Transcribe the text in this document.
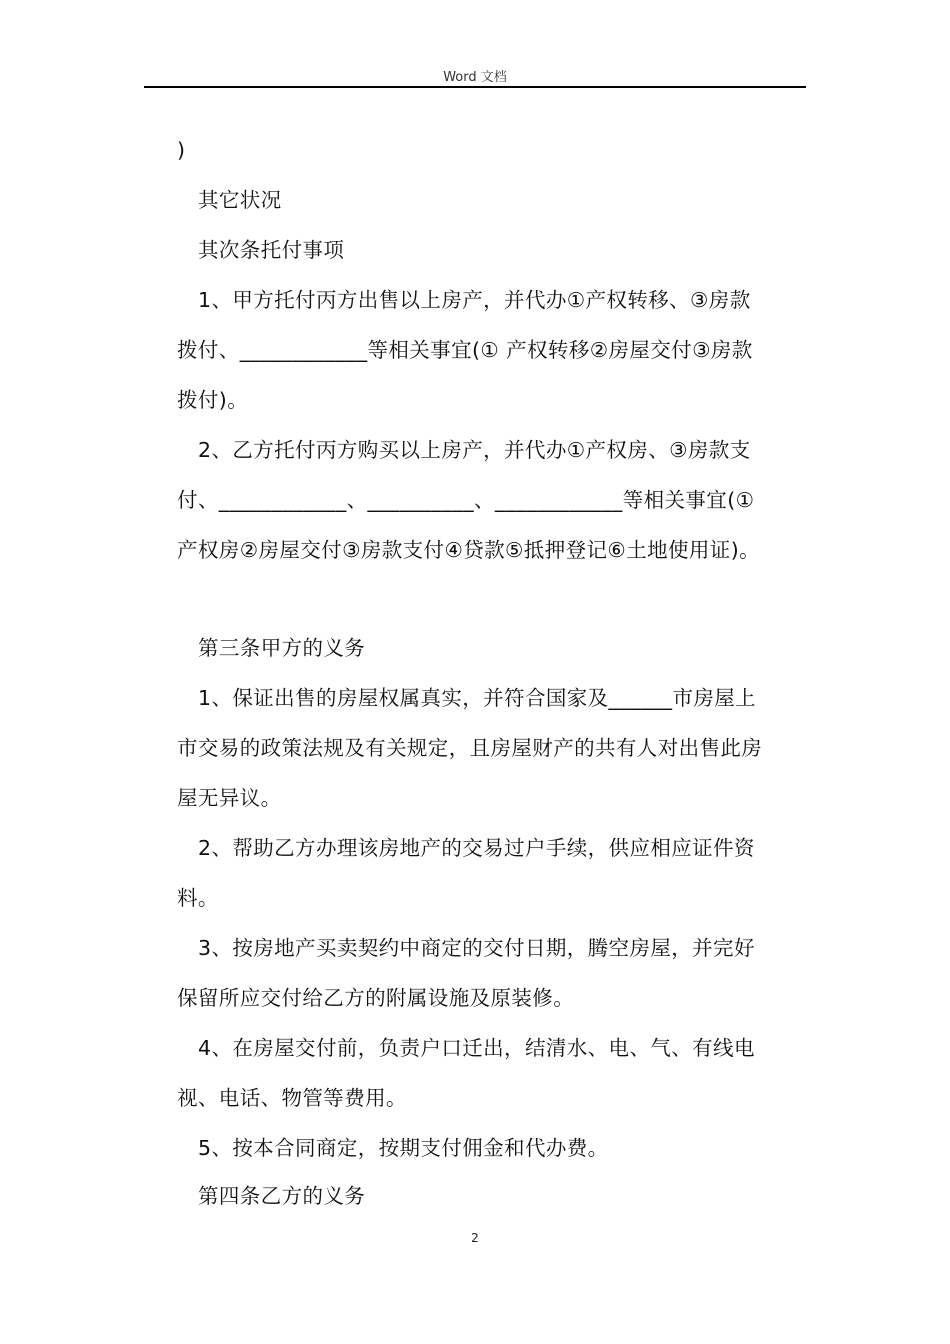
Word 文档
)
其它状况
其次条托付事项
1、甲方托付丙方出售以上房产，并代办①产权转移、③房款
拨付、____________等相关事宜(① 产权转移②房屋交付③房款
拨付)。
2、乙方托付丙方购买以上房产，并代办①产权房、③房款支
付、____________、__________、____________等相关事宜(①
产权房②房屋交付③房款支付④贷款⑤抵押登记⑥土地使用证)。
第三条甲方的义务
1、保证出售的房屋权属真实，并符合国家及______市房屋上
市交易的政策法规及有关规定，且房屋财产的共有人对出售此房
屋无异议。
2、帮助乙方办理该房地产的交易过户手续，供应相应证件资
料。
3、按房地产买卖契约中商定的交付日期，腾空房屋，并完好
保留所应交付给乙方的附属设施及原装修。
4、在房屋交付前，负责户口迁出，结清水、电、气、有线电
视、电话、物管等费用。
5、按本合同商定，按期支付佣金和代办费。
第四条乙方的义务
2
